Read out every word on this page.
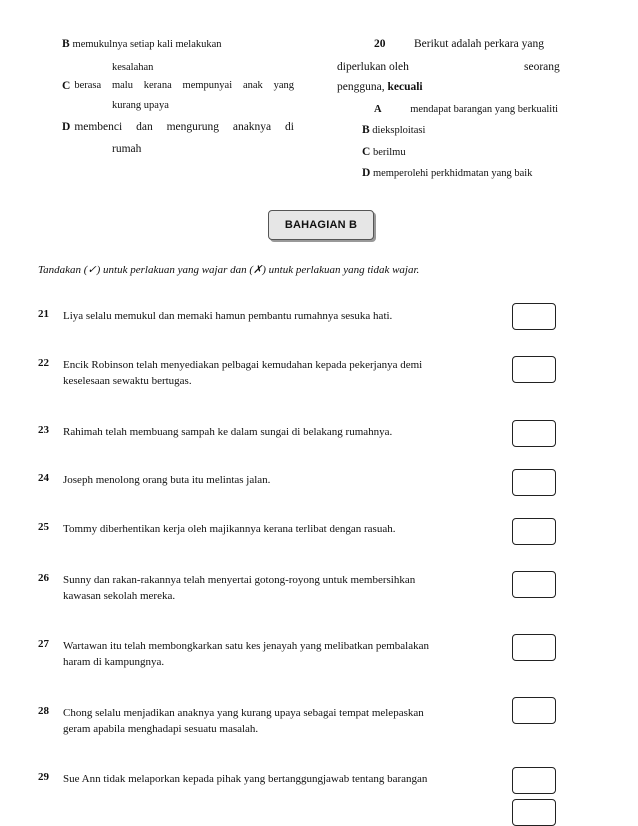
B memukulnya setiap kali melakukan
kesalahan
C berasa malu kerana mempunyai anak yang
kurang upaya
D membenci dan mengurung anaknya di
rumah
20 Berikut adalah perkara yang
diperlukan oleh	seorang
pengguna, kecuali
A	mendapat barangan yang berkualiti
B dieksploitasi
C berilmu
D memperolehi perkhidmatan yang baik
BAHAGIAN B
Tandakan (✓) untuk perlakuan yang wajar dan (✗) untuk perlakuan yang tidak wajar.
21 Liya selalu memukul dan memaki hamun pembantu rumahnya sesuka hati.
22 Encik Robinson telah menyediakan pelbagai kemudahan kepada pekerjanya demi
keselesaan sewaktu bertugas.
23 Rahimah telah membuang sampah ke dalam sungai di belakang rumahnya.
24 Joseph menolong orang buta itu melintas jalan.
25 Tommy diberhentikan kerja oleh majikannya kerana terlibat dengan rasuah.
26 Sunny dan rakan-rakannya telah menyertai gotong-royong untuk membersihkan
kawasan sekolah mereka.
27 Wartawan itu telah membongkarkan satu kes jenayah yang melibatkan pembalakan
haram di kampungnya.
28 Chong selalu menjadikan anaknya yang kurang upaya sebagai tempat melepaskan
geram apabila menghadapi sesuatu masalah.
29 Sue Ann tidak melaporkan kepada pihak yang bertanggungjawab tentang barangan
